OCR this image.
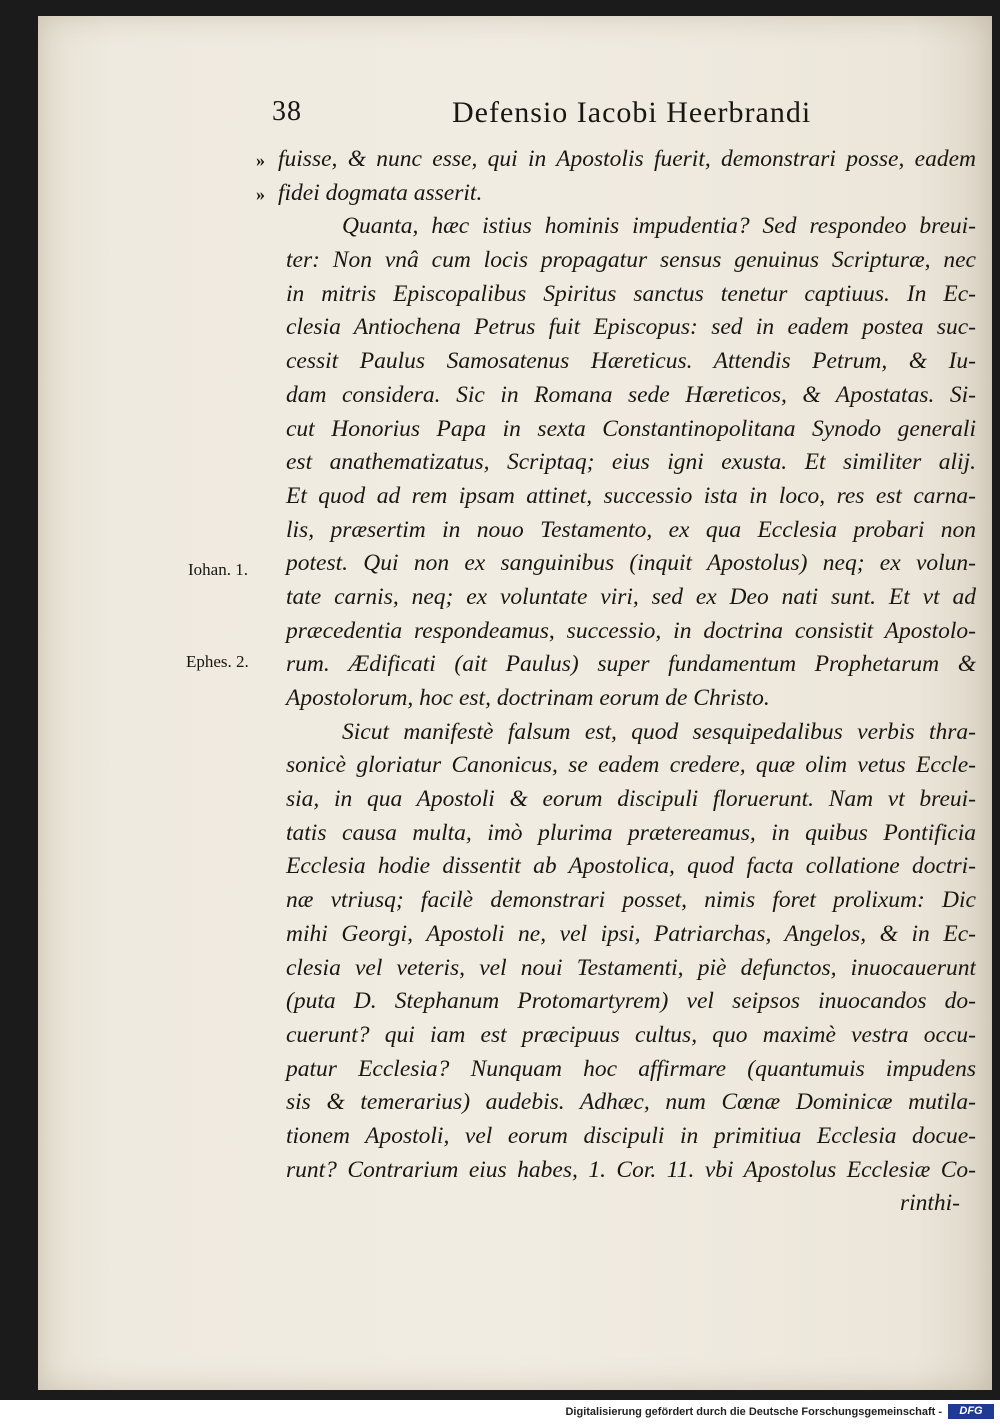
38	Defensio Iacobi Heerbrandi
»
»
fuisse, & nunc esse, qui in Apostolis fuerit, demonstrari posse, eadem
fidei dogmata asserit.
Quanta, hæc istius hominis impudentia? Sed respondeo breui-
ter: Non vnâ cum locis propagatur sensus genuinus Scripturæ, nec
in mitris Episcopalibus Spiritus sanctus tenetur captiuus. In Ec-
clesia Antiochena Petrus fuit Episcopus: sed in eadem postea suc-
cessit Paulus Samosatenus Hæreticus. Attendis Petrum, & Iu-
dam considera. Sic in Romana sede Hæreticos, & Apostatas. Si-
cut Honorius Papa in sexta Constantinopolitana Synodo generali
est anathematizatus, Scriptaq; eius igni exusta. Et similiter alij.
Et quod ad rem ipsam attinet, successio ista in loco, res est carna-
lis, præsertim in nouo Testamento, ex qua Ecclesia probari non
potest. Qui non ex sanguinibus (inquit Apostolus) neq; ex volun-
tate carnis, neq; ex voluntate viri, sed ex Deo nati sunt. Et vt ad
præcedentia respondeamus, successio, in doctrina consistit Apostolo-
rum. Ædificati (ait Paulus) super fundamentum Prophetarum &
Apostolorum, hoc est, doctrinam eorum de Christo.
Sicut manifestè falsum est, quod sesquipedalibus verbis thra-
sonicè gloriatur Canonicus, se eadem credere, quæ olim vetus Eccle-
sia, in qua Apostoli & eorum discipuli floruerunt. Nam vt breui-
tatis causa multa, imò plurima prætereamus, in quibus Pontificia
Ecclesia hodie dissentit ab Apostolica, quod facta collatione doctri-
næ vtriusq; facilè demonstrari posset, nimis foret prolixum: Dic
mihi Georgi, Apostoli ne, vel ipsi, Patriarchas, Angelos, & in Ec-
clesia vel veteris, vel noui Testamenti, piè defunctos, inuocauerunt
(puta D. Stephanum Protomartyrem) vel seipsos inuocandos do-
cuerunt? qui iam est præcipuus cultus, quo maximè vestra occu-
patur Ecclesia? Nunquam hoc affirmare (quantumuis impudens
sis & temerarius) audebis. Adhæc, num Cœnæ Dominicæ mutila-
tionem Apostoli, vel eorum discipuli in primitiua Ecclesia docue-
runt? Contrarium eius habes, 1. Cor. 11. vbi Apostolus Ecclesiæ Co-
rinthi-
Iohan. 1.
Ephes. 2.
Digitalisierung gefördert durch die Deutsche Forschungsgemeinschaft -	DFG
